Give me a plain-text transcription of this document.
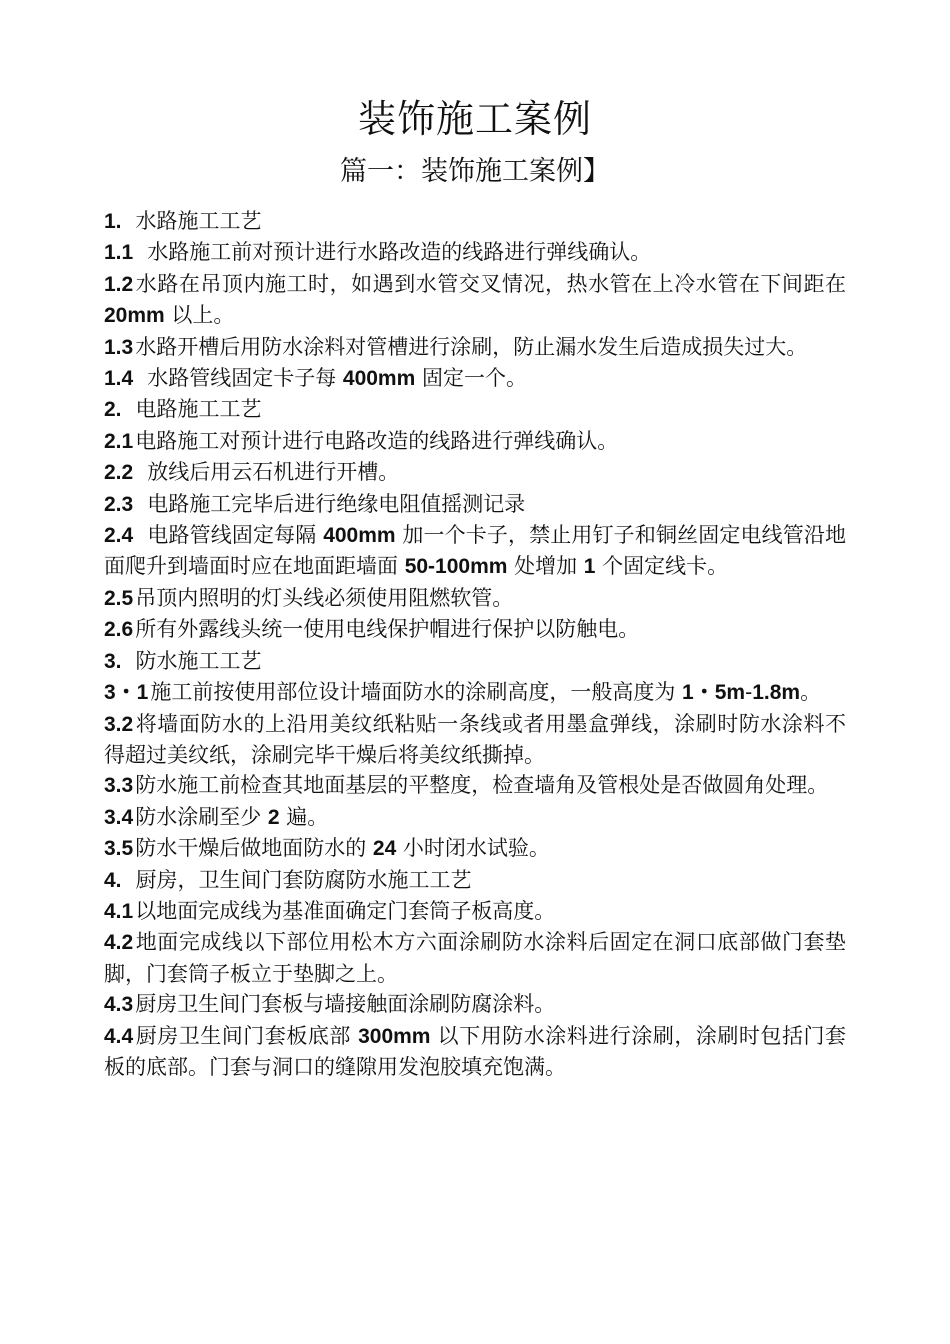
装饰施工案例
篇一：装饰施工案例】

1. 水路施工工艺

1.1 水路施工前对预计进行水路改造的线路进行弹线确认。

1.2水路在吊顶内施工时，如遇到水管交叉情况，热水管在上冷水管在下间距在 20mm 以上。

1.3水路开槽后用防水涂料对管槽进行涂刷，防止漏水发生后造成损失过大。

1.4 水路管线固定卡子每 400mm 固定一个。

2. 电路施工工艺

2.1电路施工对预计进行电路改造的线路进行弹线确认。

2.2 放线后用云石机进行开槽。

2.3 电路施工完毕后进行绝缘电阻值摇测记录

2.4 电路管线固定每隔 400mm 加一个卡子，禁止用钉子和铜丝固定电线管沿地面爬升到墙面时应在地面距墙面 50-100mm 处增加 1 个固定线卡。

2.5吊顶内照明的灯头线必须使用阻燃软管。

2.6所有外露线头统一使用电线保护帽进行保护以防触电。

3. 防水施工工艺

3・1施工前按使用部位设计墙面防水的涂刷高度，一般高度为 1・5m-1.8m。

3.2将墙面防水的上沿用美纹纸粘贴一条线或者用墨盒弹线，涂刷时防水涂料不得超过美纹纸，涂刷完毕干燥后将美纹纸撕掉。

3.3防水施工前检查其地面基层的平整度，检查墙角及管根处是否做圆角处理。

3.4防水涂刷至少 2 遍。

3.5防水干燥后做地面防水的 24 小时闭水试验。

4. 厨房，卫生间门套防腐防水施工工艺

4.1以地面完成线为基准面确定门套筒子板高度。

4.2地面完成线以下部位用松木方六面涂刷防水涂料后固定在洞口底部做门套垫脚，门套筒子板立于垫脚之上。

4.3厨房卫生间门套板与墙接触面涂刷防腐涂料。

4.4厨房卫生间门套板底部 300mm 以下用防水涂料进行涂刷，涂刷时包括门套板的底部。门套与洞口的缝隙用发泡胶填充饱满。
